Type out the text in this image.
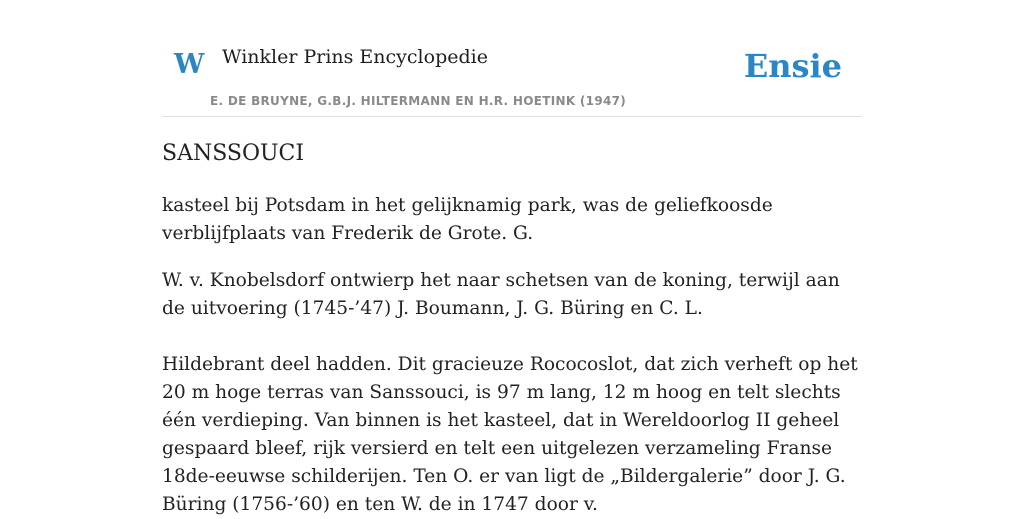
W Winkler Prins Encyclopedie	Ensie
E. DE BRUYNE, G.B.J. HILTERMANN EN H.R. HOETINK (1947)
SANSSOUCI

kasteel bij Potsdam in het gelijknamig park, was de geliefkoosde verblijfplaats van Frederik de Grote. G.

W. v. Knobelsdorf ontwierp het naar schetsen van de koning, terwijl aan de uitvoering (1745-’47) J. Boumann, J. G. Büring en C. L.

Hildebrant deel hadden. Dit gracieuze Rococoslot, dat zich verheft op het 20 m hoge terras van Sanssouci, is 97 m lang, 12 m hoog en telt slechts één verdieping. Van binnen is het kasteel, dat in Wereldoorlog II geheel gespaard bleef, rijk versierd en telt een uitgelezen verzameling Franse 18de-eeuwse schilderijen. Ten O. er van ligt de „Bildergalerie” door J. G. Büring (1756-’60) en ten W. de in 1747 door v.
